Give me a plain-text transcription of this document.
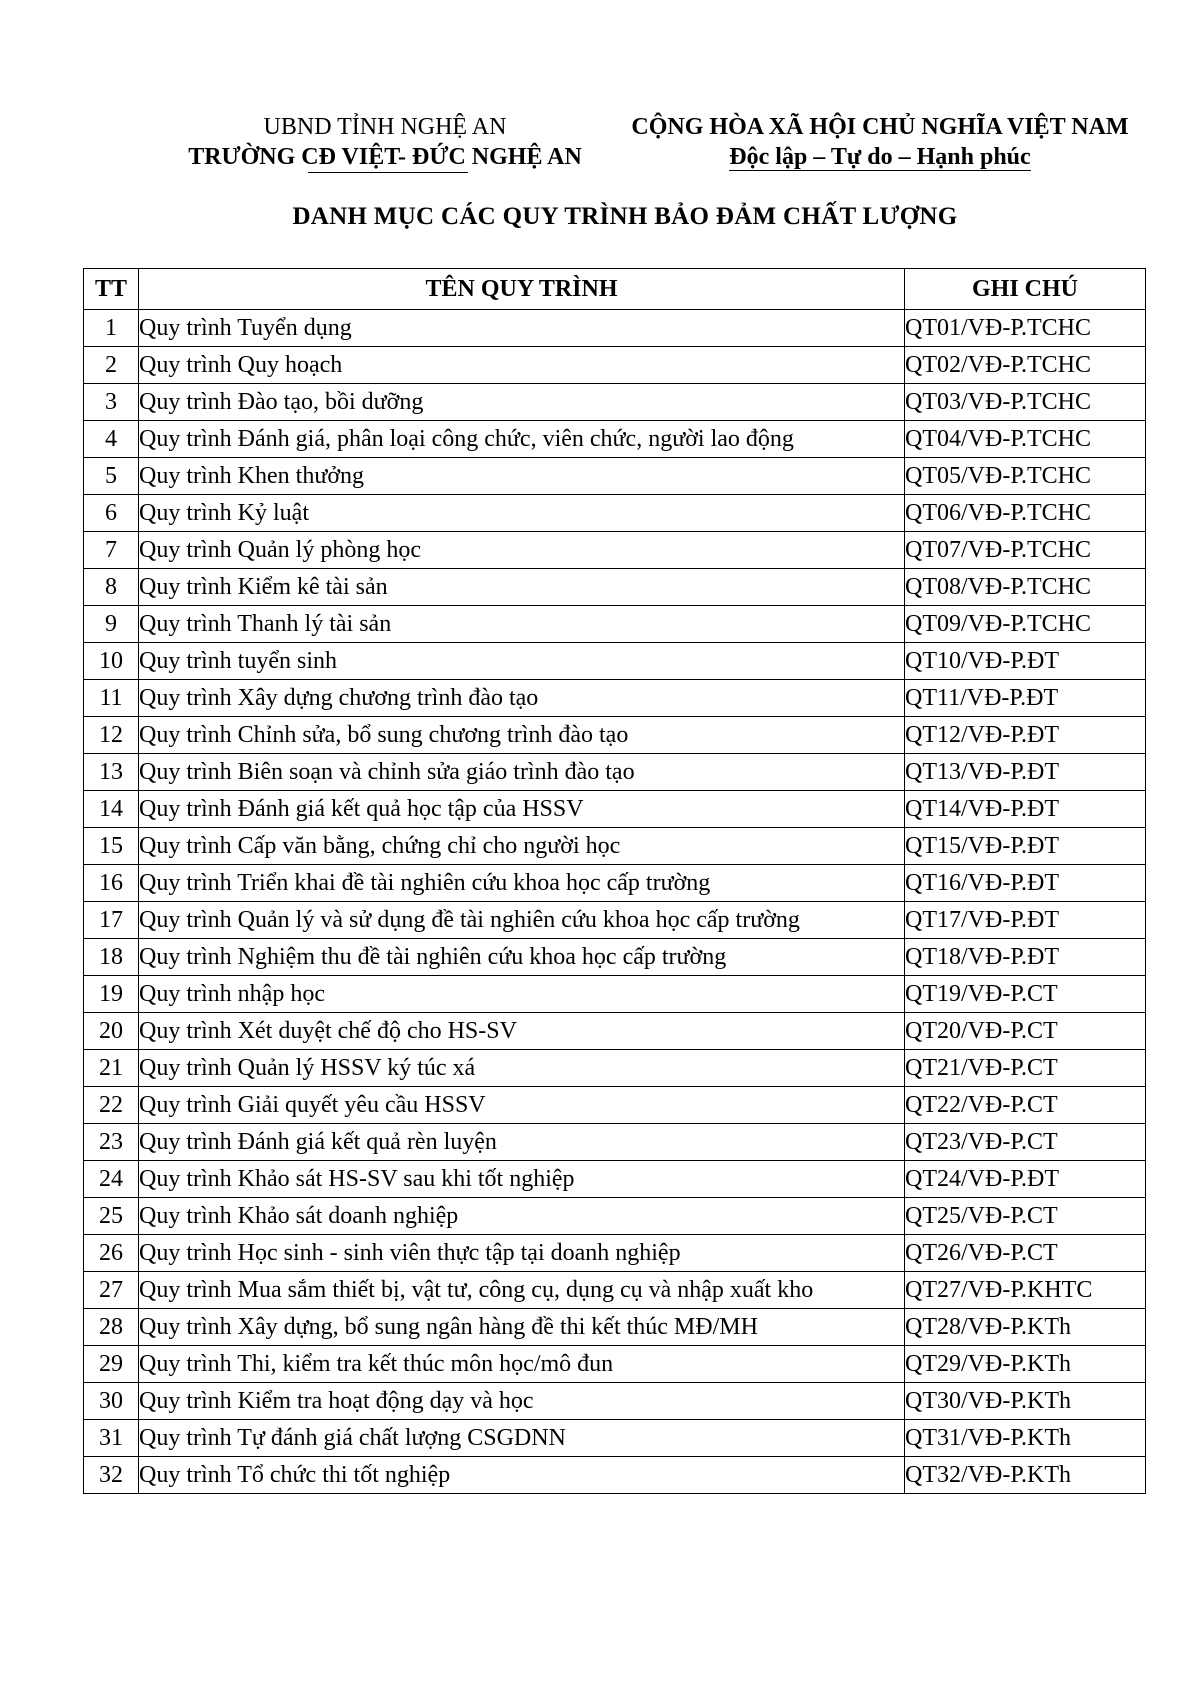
UBND TỈNH NGHỆ AN
TRƯỜNG CĐ VIỆT- ĐỨC NGHỆ AN
CỘNG HÒA XÃ HỘI CHỦ NGHĨA VIỆT NAM
Độc lập – Tự do – Hạnh phúc
DANH MỤC CÁC QUY TRÌNH BẢO ĐẢM CHẤT LƯỢNG
TT	TÊN QUY TRÌNH	GHI CHÚ
1	Quy trình Tuyển dụng	QT01/VĐ-P.TCHC
2	Quy trình Quy hoạch	QT02/VĐ-P.TCHC
3	Quy trình Đào tạo, bồi dưỡng	QT03/VĐ-P.TCHC
4	Quy trình Đánh giá, phân loại công chức, viên chức, người lao động	QT04/VĐ-P.TCHC
5	Quy trình Khen thưởng	QT05/VĐ-P.TCHC
6	Quy trình Kỷ luật	QT06/VĐ-P.TCHC
7	Quy trình Quản lý phòng học	QT07/VĐ-P.TCHC
8	Quy trình Kiểm kê tài sản	QT08/VĐ-P.TCHC
9	Quy trình Thanh lý tài sản	QT09/VĐ-P.TCHC
10	Quy trình tuyển sinh	QT10/VĐ-P.ĐT
11	Quy trình Xây dựng chương trình đào tạo	QT11/VĐ-P.ĐT
12	Quy trình Chỉnh sửa, bổ sung chương trình đào tạo	QT12/VĐ-P.ĐT
13	Quy trình Biên soạn và chỉnh sửa giáo trình đào tạo	QT13/VĐ-P.ĐT
14	Quy trình Đánh giá kết quả học tập của HSSV	QT14/VĐ-P.ĐT
15	Quy trình Cấp văn bằng, chứng chỉ cho người học	QT15/VĐ-P.ĐT
16	Quy trình Triển khai đề tài nghiên cứu khoa học cấp trường	QT16/VĐ-P.ĐT
17	Quy trình Quản lý và sử dụng đề tài nghiên cứu khoa học cấp trường	QT17/VĐ-P.ĐT
18	Quy trình Nghiệm thu đề tài nghiên cứu khoa học cấp trường	QT18/VĐ-P.ĐT
19	Quy trình nhập học	QT19/VĐ-P.CT
20	Quy trình Xét duyệt chế độ cho HS-SV	QT20/VĐ-P.CT
21	Quy trình Quản lý HSSV ký túc xá	QT21/VĐ-P.CT
22	Quy trình Giải quyết yêu cầu HSSV	QT22/VĐ-P.CT
23	Quy trình Đánh giá kết quả rèn luyện	QT23/VĐ-P.CT
24	Quy trình Khảo sát HS-SV sau khi tốt nghiệp	QT24/VĐ-P.ĐT
25	Quy trình Khảo sát doanh nghiệp	QT25/VĐ-P.CT
26	Quy trình Học sinh - sinh viên thực tập tại doanh nghiệp	QT26/VĐ-P.CT
27	Quy trình Mua sắm thiết bị, vật tư, công cụ, dụng cụ và nhập xuất kho	QT27/VĐ-P.KHTC
28	Quy trình Xây dựng, bổ sung ngân hàng đề thi kết thúc MĐ/MH	QT28/VĐ-P.KTh
29	Quy trình Thi, kiểm tra kết thúc môn học/mô đun	QT29/VĐ-P.KTh
30	Quy trình Kiểm tra hoạt động dạy và học	QT30/VĐ-P.KTh
31	Quy trình Tự đánh giá chất lượng CSGDNN	QT31/VĐ-P.KTh
32	Quy trình Tổ chức thi tốt nghiệp	QT32/VĐ-P.KTh
